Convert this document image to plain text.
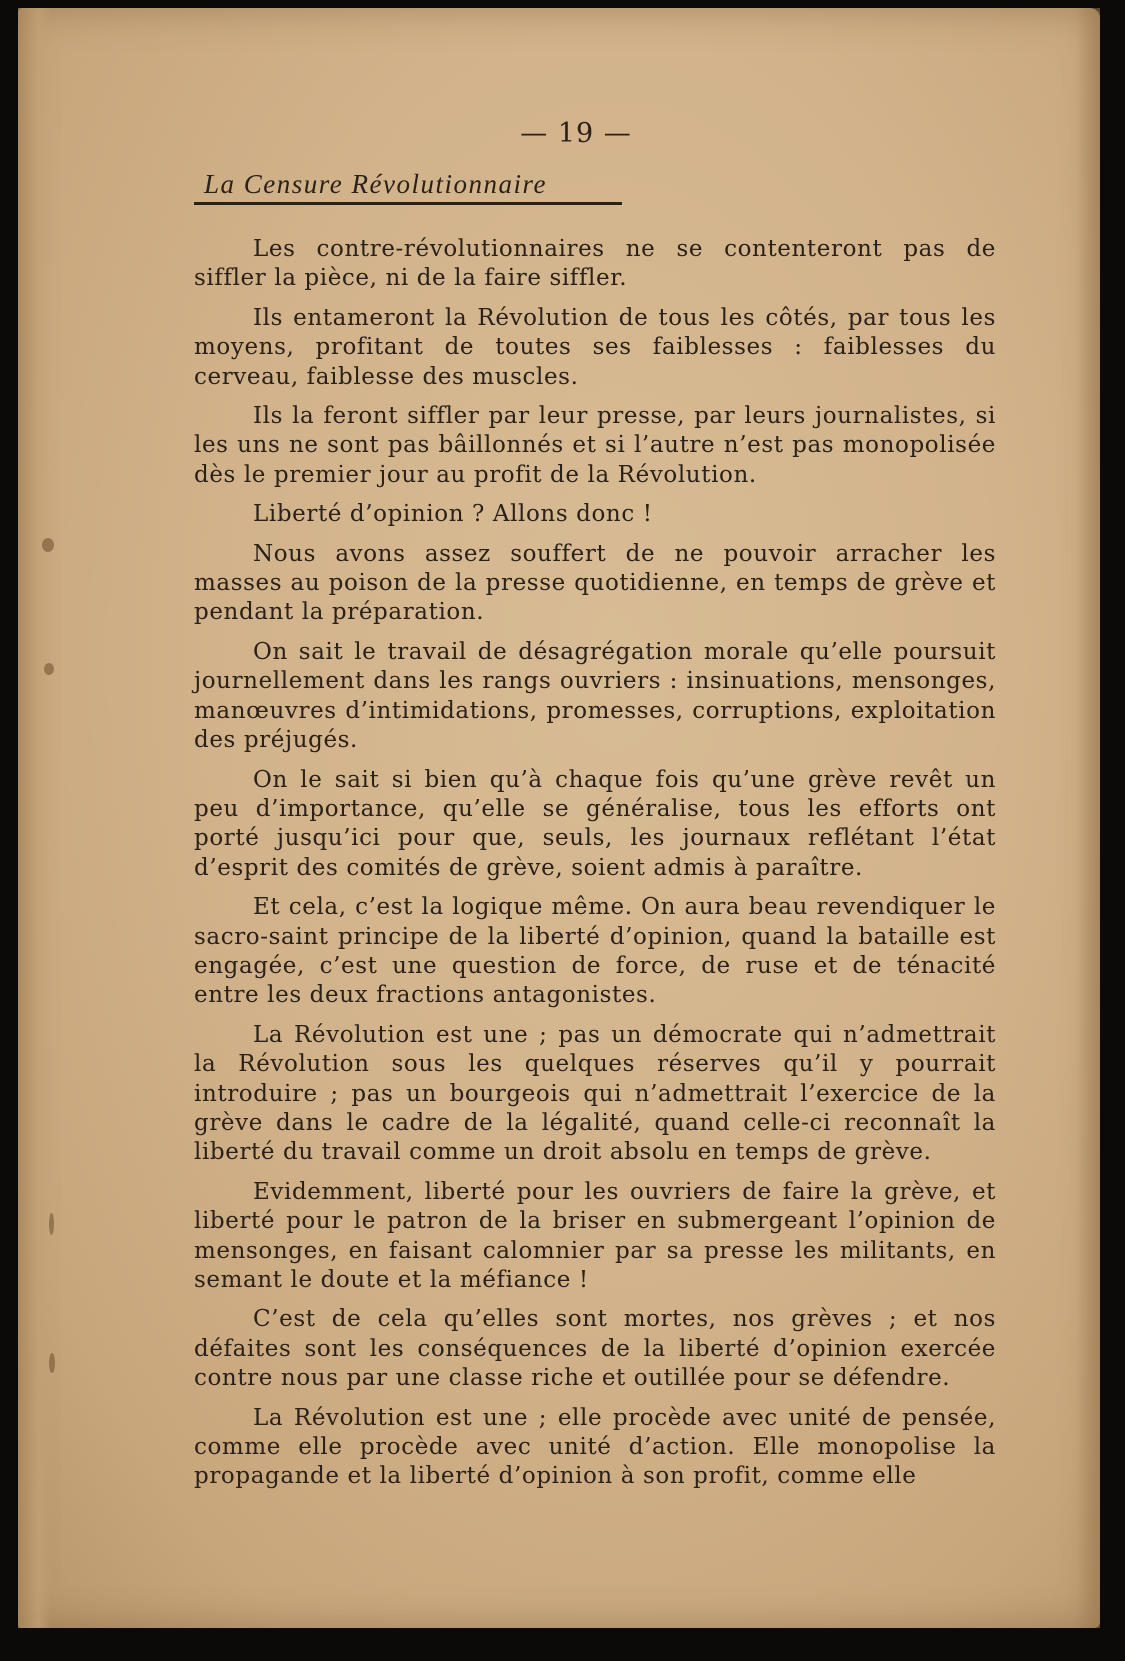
— 19 —
La Censure Révolutionnaire

Les contre-révolutionnaires ne se contenteront pas de siffler la pièce, ni de la faire siffler.

Ils entameront la Révolution de tous les côtés, par tous les moyens, profitant de toutes ses faiblesses : faiblesses du cerveau, faiblesse des muscles.

Ils la feront siffler par leur presse, par leurs journalistes, si les uns ne sont pas bâillonnés et si l’autre n’est pas monopolisée dès le premier jour au profit de la Révolution.

Liberté d’opinion ? Allons donc !

Nous avons assez souffert de ne pouvoir arracher les masses au poison de la presse quotidienne, en temps de grève et pendant la préparation.

On sait le travail de désagrégation morale qu’elle poursuit journellement dans les rangs ouvriers : insinuations, mensonges, manœuvres d’intimidations, promesses, corruptions, exploitation des préjugés.

On le sait si bien qu’à chaque fois qu’une grève revêt un peu d’importance, qu’elle se généralise, tous les efforts ont porté jusqu’ici pour que, seuls, les journaux reflétant l’état d’esprit des comités de grève, soient admis à paraître.

Et cela, c’est la logique même. On aura beau revendiquer le sacro-saint principe de la liberté d’opinion, quand la bataille est engagée, c’est une question de force, de ruse et de ténacité entre les deux fractions antagonistes.

La Révolution est une ; pas un démocrate qui n’admettrait la Révolution sous les quelques réserves qu’il y pourrait introduire ; pas un bourgeois qui n’admettrait l’exercice de la grève dans le cadre de la légalité, quand celle-ci reconnaît la liberté du travail comme un droit absolu en temps de grève.

Evidemment, liberté pour les ouvriers de faire la grève, et liberté pour le patron de la briser en submergeant l’opinion de mensonges, en faisant calomnier par sa presse les militants, en semant le doute et la méfiance !

C’est de cela qu’elles sont mortes, nos grèves ; et nos défaites sont les conséquences de la liberté d’opinion exercée contre nous par une classe riche et outillée pour se défendre.

La Révolution est une ; elle procède avec unité de pensée, comme elle procède avec unité d’action. Elle monopolise la propagande et la liberté d’opinion à son profit, comme elle
